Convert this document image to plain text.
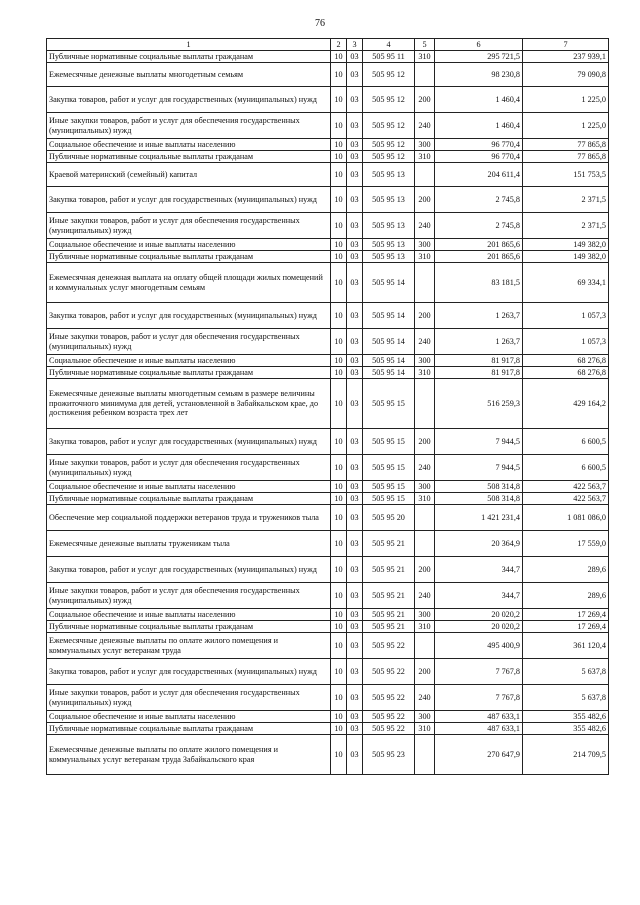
76
1	2	3	4	5	6	7
Публичные нормативные социальные выплаты гражданам	10	03	505 95 11	310	295 721,5	237 939,1
Ежемесячные денежные выплаты многодетным семьям	10	03	505 95 12		98 230,8	79 090,8
Закупка товаров, работ и услуг для государственных (муниципальных) нужд	10	03	505 95 12	200	1 460,4	1 225,0
Иные закупки товаров, работ и услуг для обеспечения государственных (муниципальных) нужд	10	03	505 95 12	240	1 460,4	1 225,0
Социальное обеспечение и иные выплаты населению	10	03	505 95 12	300	96 770,4	77 865,8
Публичные нормативные социальные выплаты гражданам	10	03	505 95 12	310	96 770,4	77 865,8
Краевой материнский (семейный) капитал	10	03	505 95 13		204 611,4	151 753,5
Закупка товаров, работ и услуг для государственных (муниципальных) нужд	10	03	505 95 13	200	2 745,8	2 371,5
Иные закупки товаров, работ и услуг для обеспечения государственных (муниципальных) нужд	10	03	505 95 13	240	2 745,8	2 371,5
Социальное обеспечение и иные выплаты населению	10	03	505 95 13	300	201 865,6	149 382,0
Публичные нормативные социальные выплаты гражданам	10	03	505 95 13	310	201 865,6	149 382,0
Ежемесячная денежная выплата на оплату общей площади жилых помещений и коммунальных услуг многодетным семьям	10	03	505 95 14		83 181,5	69 334,1
Закупка товаров, работ и услуг для государственных (муниципальных) нужд	10	03	505 95 14	200	1 263,7	1 057,3
Иные закупки товаров, работ и услуг для обеспечения государственных (муниципальных) нужд	10	03	505 95 14	240	1 263,7	1 057,3
Социальное обеспечение и иные выплаты населению	10	03	505 95 14	300	81 917,8	68 276,8
Публичные нормативные социальные выплаты гражданам	10	03	505 95 14	310	81 917,8	68 276,8
Ежемесячные денежные выплаты многодетным семьям в размере величины прожиточного минимума для детей, установленной в Забайкальском крае, до достижения ребенком возраста трех лет	10	03	505 95 15		516 259,3	429 164,2
Закупка товаров, работ и услуг для государственных (муниципальных) нужд	10	03	505 95 15	200	7 944,5	6 600,5
Иные закупки товаров, работ и услуг для обеспечения государственных (муниципальных) нужд	10	03	505 95 15	240	7 944,5	6 600,5
Социальное обеспечение и иные выплаты населению	10	03	505 95 15	300	508 314,8	422 563,7
Публичные нормативные социальные выплаты гражданам	10	03	505 95 15	310	508 314,8	422 563,7
Обеспечение мер социальной поддержки ветеранов труда и тружеников тыла	10	03	505 95 20		1 421 231,4	1 081 086,0
Ежемесячные денежные выплаты труженикам тыла	10	03	505 95 21		20 364,9	17 559,0
Закупка товаров, работ и услуг для государственных (муниципальных) нужд	10	03	505 95 21	200	344,7	289,6
Иные закупки товаров, работ и услуг для обеспечения государственных (муниципальных) нужд	10	03	505 95 21	240	344,7	289,6
Социальное обеспечение и иные выплаты населению	10	03	505 95 21	300	20 020,2	17 269,4
Публичные нормативные социальные выплаты гражданам	10	03	505 95 21	310	20 020,2	17 269,4
Ежемесячные денежные выплаты по оплате жилого помещения и коммунальных услуг ветеранам труда	10	03	505 95 22		495 400,9	361 120,4
Закупка товаров, работ и услуг для государственных (муниципальных) нужд	10	03	505 95 22	200	7 767,8	5 637,8
Иные закупки товаров, работ и услуг для обеспечения государственных (муниципальных) нужд	10	03	505 95 22	240	7 767,8	5 637,8
Социальное обеспечение и иные выплаты населению	10	03	505 95 22	300	487 633,1	355 482,6
Публичные нормативные социальные выплаты гражданам	10	03	505 95 22	310	487 633,1	355 482,6
Ежемесячные денежные выплаты по оплате жилого помещения и коммунальных услуг ветеранам труда Забайкальского края	10	03	505 95 23		270 647,9	214 709,5
